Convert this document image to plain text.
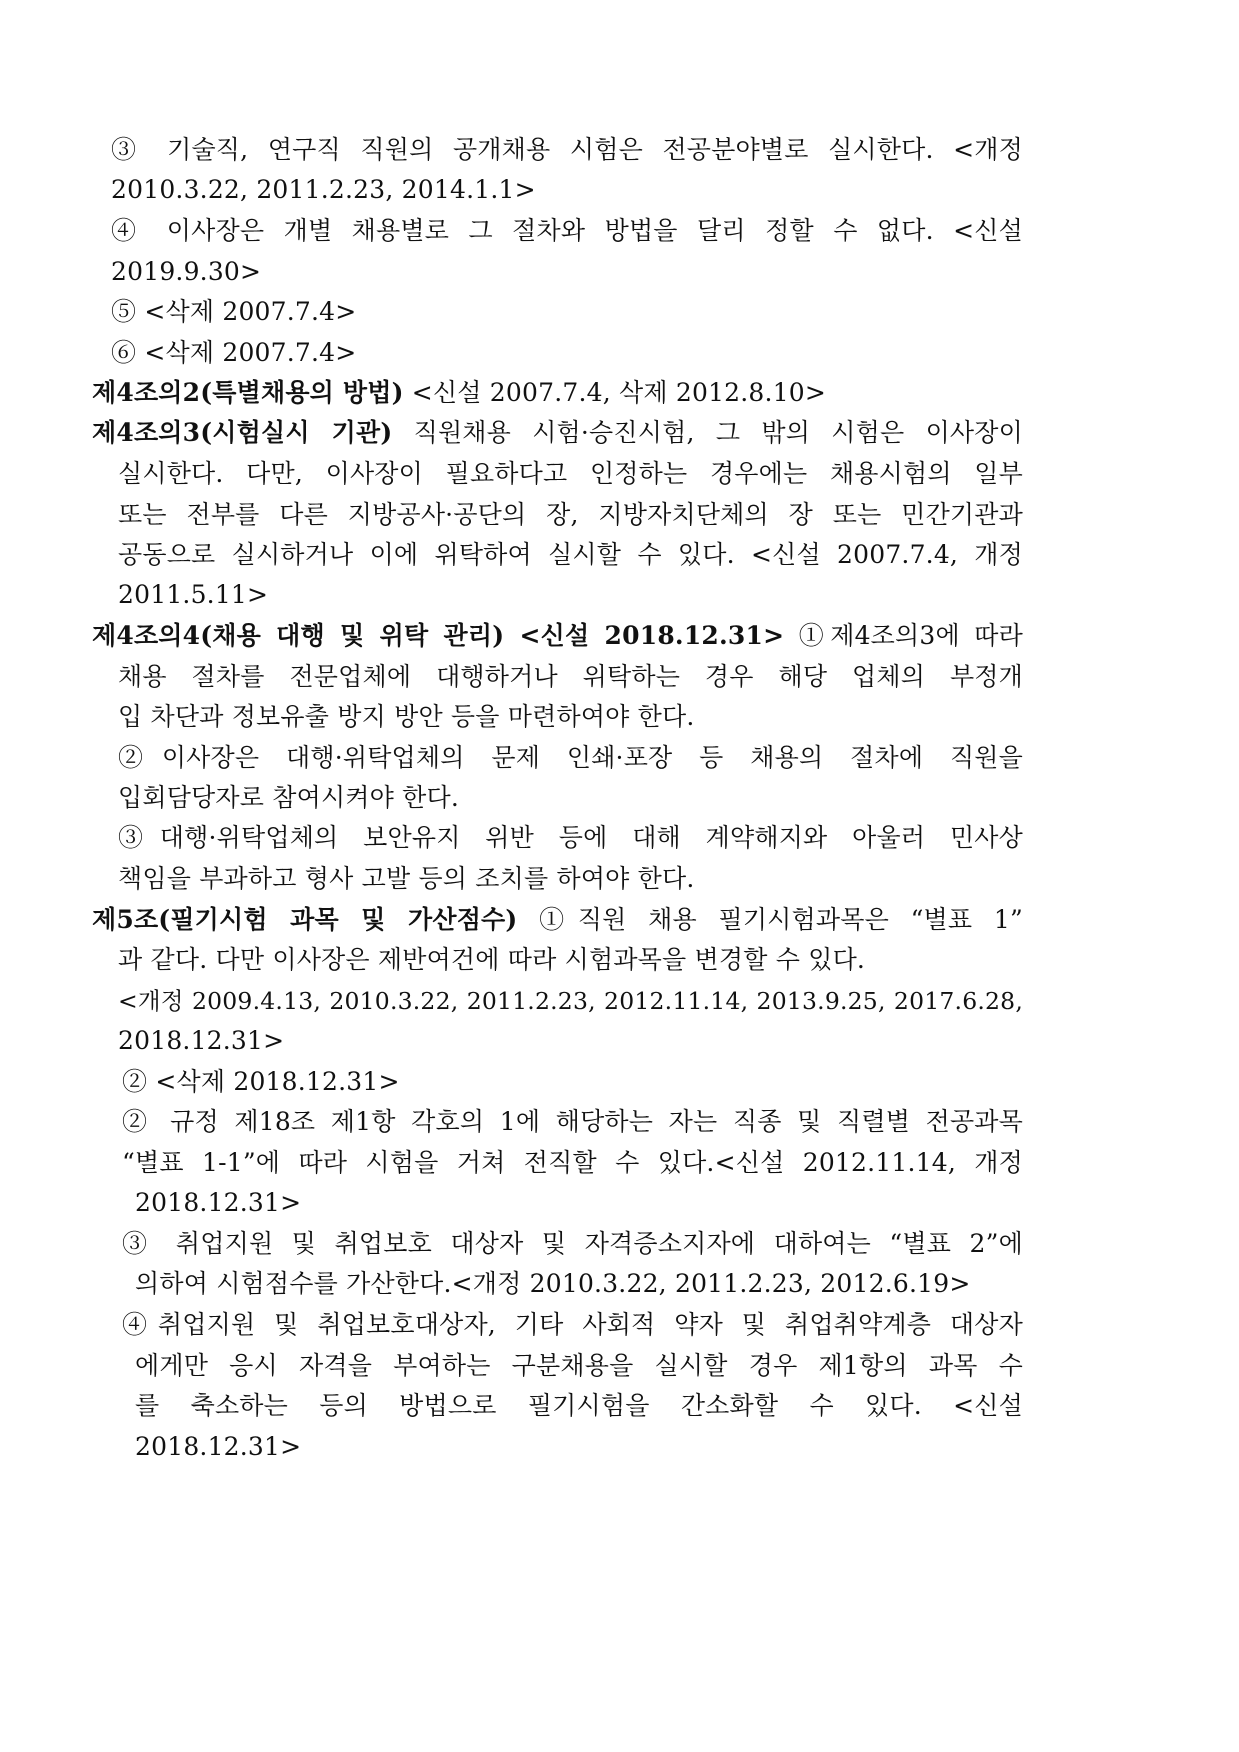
③ 기술직, 연구직 직원의 공개채용 시험은 전공분야별로 실시한다. <개정
2010.3.22, 2011.2.23, 2014.1.1>
④ 이사장은 개별 채용별로 그 절차와 방법을 달리 정할 수 없다. <신설
2019.9.30>
⑤ <삭제 2007.7.4>
⑥ <삭제 2007.7.4>
제4조의2(특별채용의 방법) <신설 2007.7.4, 삭제 2012.8.10>
제4조의3(시험실시 기관) 직원채용 시험·승진시험, 그 밖의 시험은 이사장이
실시한다. 다만, 이사장이 필요하다고 인정하는 경우에는 채용시험의 일부
또는 전부를 다른 지방공사·공단의 장, 지방자치단체의 장 또는 민간기관과
공동으로 실시하거나 이에 위탁하여 실시할 수 있다. <신설 2007.7.4, 개정
2011.5.11>
제4조의4(채용 대행 및 위탁 관리) <신설 2018.12.31> ①제4조의3에 따라
채용 절차를 전문업체에 대행하거나 위탁하는 경우 해당 업체의 부정개
입 차단과 정보유출 방지 방안 등을 마련하여야 한다.
②이사장은 대행·위탁업체의 문제 인쇄·포장 등 채용의 절차에 직원을
입회담당자로 참여시켜야 한다.
③대행·위탁업체의 보안유지 위반 등에 대해 계약해지와 아울러 민사상
책임을 부과하고 형사 고발 등의 조치를 하여야 한다.
제5조(필기시험 과목 및 가산점수) ①직원 채용 필기시험과목은 “별표 1”
과 같다. 다만 이사장은 제반여건에 따라 시험과목을 변경할 수 있다.
<개정 2009.4.13, 2010.3.22, 2011.2.23, 2012.11.14, 2013.9.25, 2017.6.28,
2018.12.31>
② <삭제 2018.12.31>
② 규정 제18조 제1항 각호의 1에 해당하는 자는 직종 및 직렬별 전공과목
“별표 1-1”에 따라 시험을 거쳐 전직할 수 있다.<신설 2012.11.14, 개정
2018.12.31>
③ 취업지원 및 취업보호 대상자 및 자격증소지자에 대하여는 “별표 2”에
의하여 시험점수를 가산한다.<개정 2010.3.22, 2011.2.23, 2012.6.19>
④취업지원 및 취업보호대상자, 기타 사회적 약자 및 취업취약계층 대상자
에게만 응시 자격을 부여하는 구분채용을 실시할 경우 제1항의 과목 수
를 축소하는 등의 방법으로 필기시험을 간소화할 수 있다. <신설
2018.12.31>
